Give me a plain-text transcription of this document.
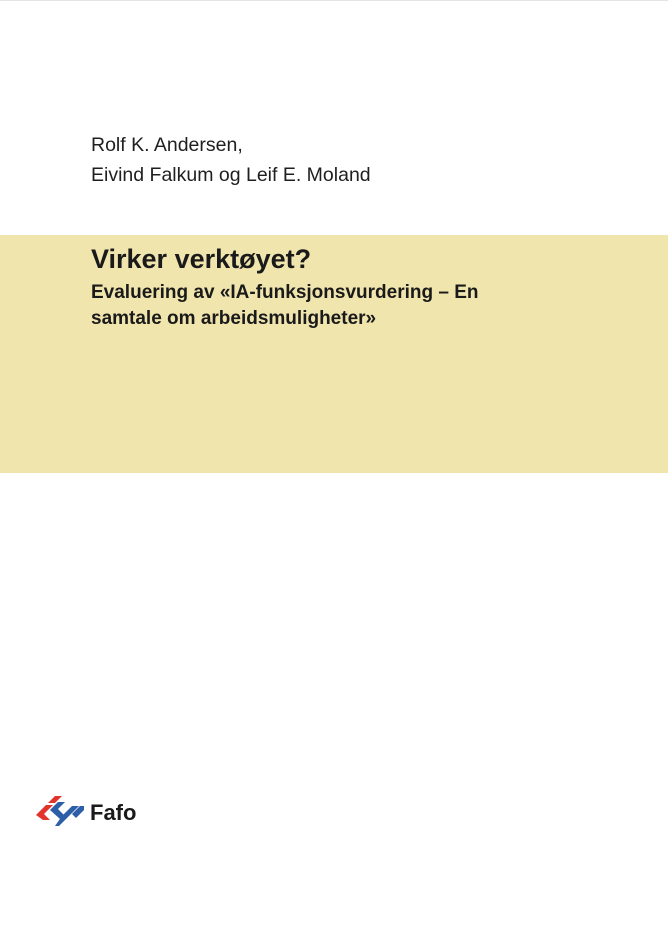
Rolf K. Andersen,
Eivind Falkum og Leif E. Moland
Virker verktøyet?
Evaluering av «IA-funksjonsvurdering – En
samtale om arbeidsmuligheter»
Fafo
